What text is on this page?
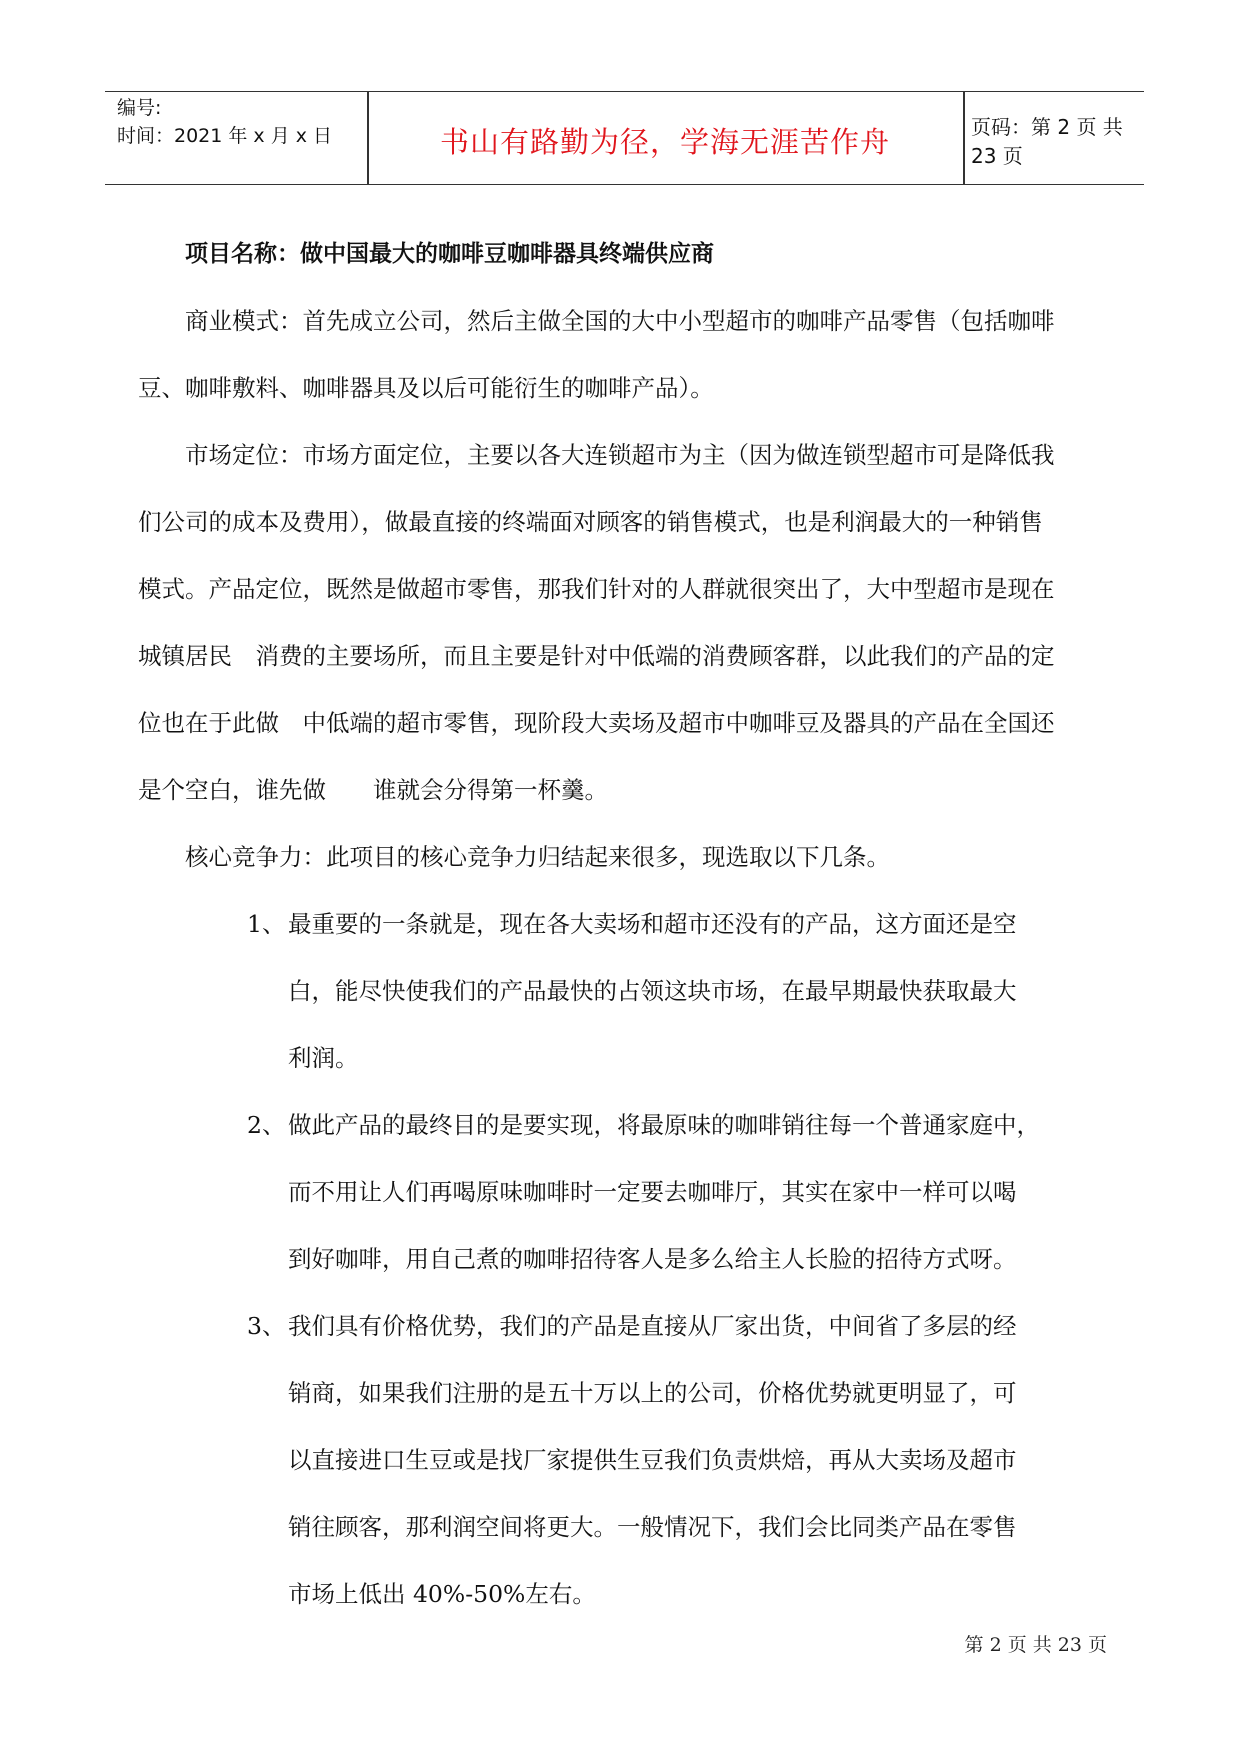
编号:
时间：2021 年 x 月 x 日	书山有路勤为径，学海无涯苦作舟	页码：第 2 页 共 23 页

项目名称：做中国最大的咖啡豆咖啡器具终端供应商

商业模式：首先成立公司，然后主做全国的大中小型超市的咖啡产品零售（包括咖啡

豆、咖啡敷料、咖啡器具及以后可能衍生的咖啡产品）。

市场定位：市场方面定位，主要以各大连锁超市为主（因为做连锁型超市可是降低我

们公司的成本及费用），做最直接的终端面对顾客的销售模式，也是利润最大的一种销售

模式。产品定位，既然是做超市零售，那我们针对的人群就很突出了，大中型超市是现在

城镇居民　消费的主要场所，而且主要是针对中低端的消费顾客群，以此我们的产品的定

位也在于此做　中低端的超市零售，现阶段大卖场及超市中咖啡豆及器具的产品在全国还

是个空白，谁先做　　谁就会分得第一杯羹。

核心竞争力：此项目的核心竞争力归结起来很多，现选取以下几条。

1、 最重要的一条就是，现在各大卖场和超市还没有的产品，这方面还是空
白，能尽快使我们的产品最快的占领这块市场，在最早期最快获取最大
利润。
2、 做此产品的最终目的是要实现，将最原味的咖啡销往每一个普通家庭中，
而不用让人们再喝原味咖啡时一定要去咖啡厅，其实在家中一样可以喝
到好咖啡，用自己煮的咖啡招待客人是多么给主人长脸的招待方式呀。
3、 我们具有价格优势，我们的产品是直接从厂家出货，中间省了多层的经
销商，如果我们注册的是五十万以上的公司，价格优势就更明显了，可
以直接进口生豆或是找厂家提供生豆我们负责烘焙，再从大卖场及超市
销往顾客，那利润空间将更大。一般情况下，我们会比同类产品在零售
市场上低出 40%-50%左右。
第 2 页 共 23 页
